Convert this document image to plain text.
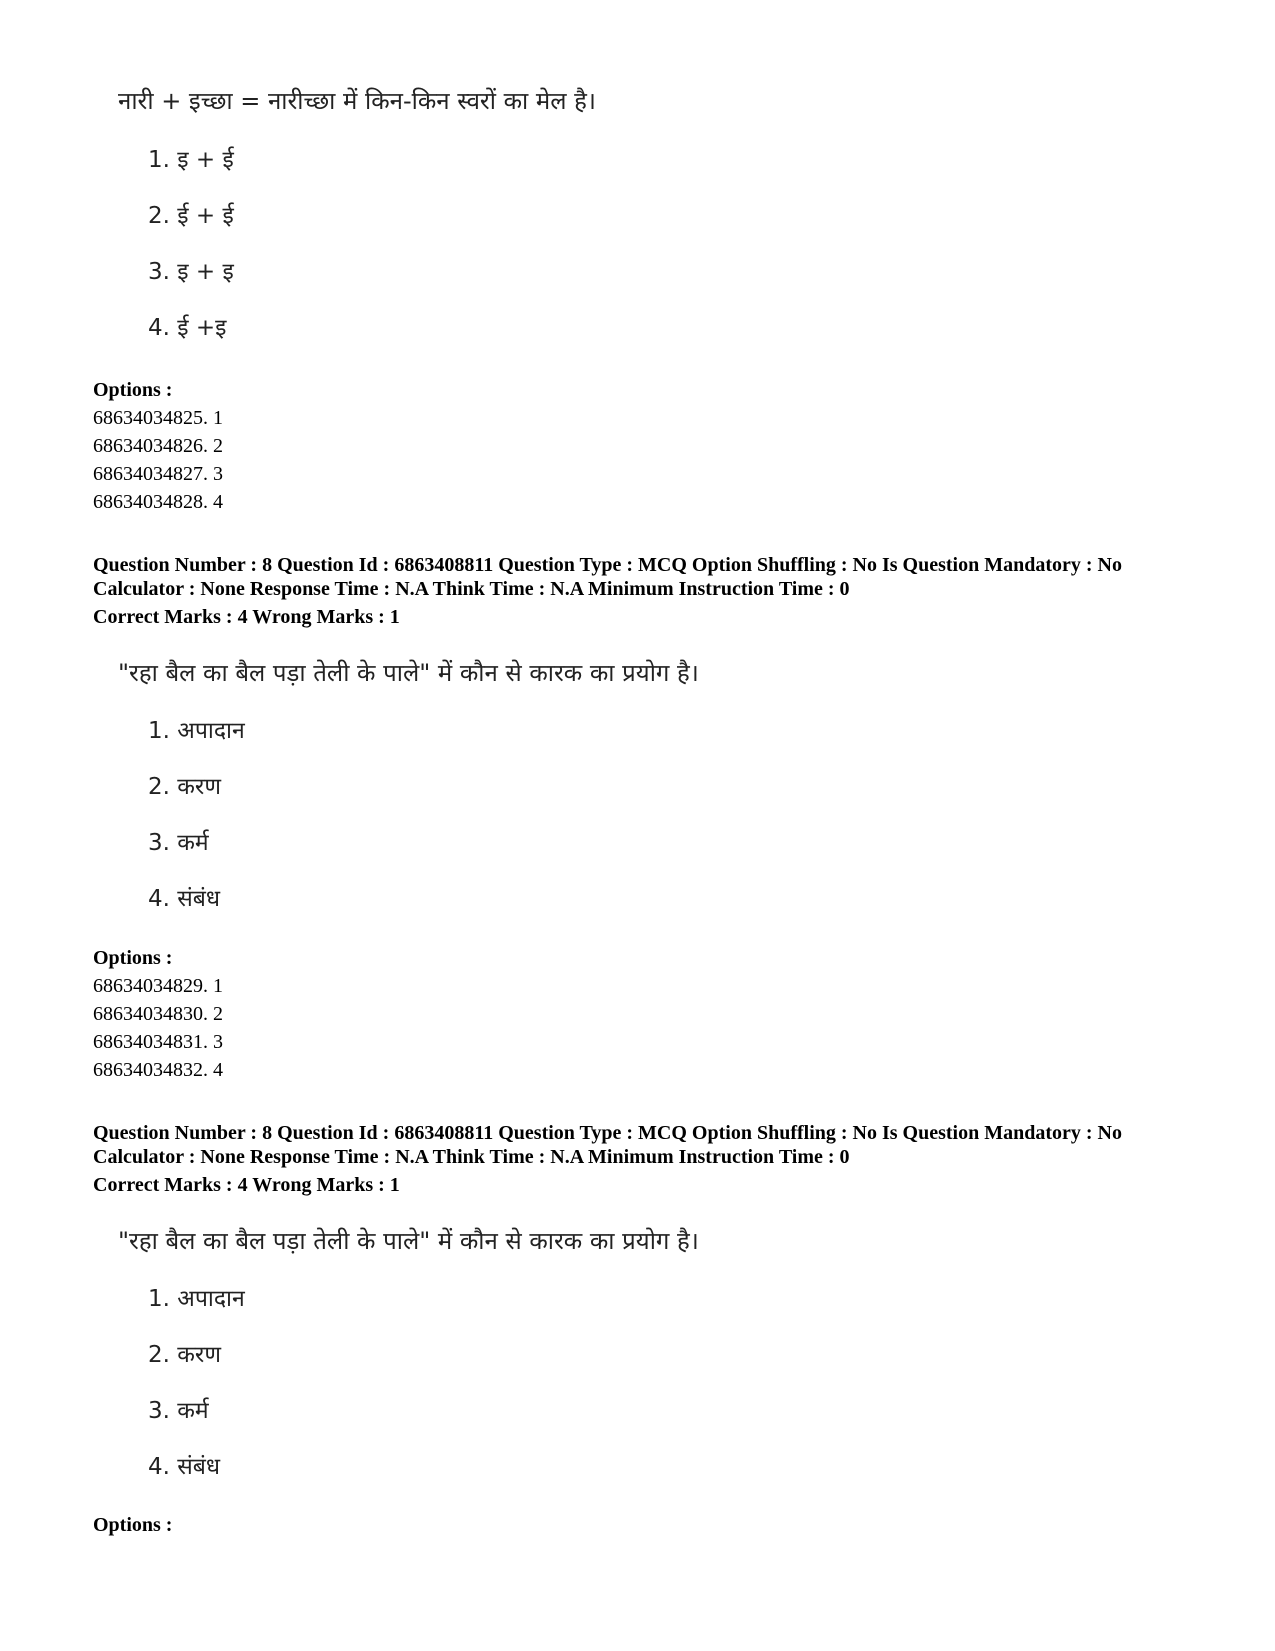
नारी + इच्छा = नारीच्छा में किन-किन स्वरों का मेल है।
1. इ + ई
2. ई + ई
3. इ + इ
4. ई +इ
Options :
68634034825. 1
68634034826. 2
68634034827. 3
68634034828. 4
Question Number : 8 Question Id : 6863408811 Question Type : MCQ Option Shuffling : No Is Question Mandatory : No
Calculator : None Response Time : N.A Think Time : N.A Minimum Instruction Time : 0
Correct Marks : 4 Wrong Marks : 1
"रहा बैल का बैल पड़ा तेली के पाले" में कौन से कारक का प्रयोग है।
1. अपादान
2. करण
3. कर्म
4. संबंध
Options :
68634034829. 1
68634034830. 2
68634034831. 3
68634034832. 4
Question Number : 8 Question Id : 6863408811 Question Type : MCQ Option Shuffling : No Is Question Mandatory : No
Calculator : None Response Time : N.A Think Time : N.A Minimum Instruction Time : 0
Correct Marks : 4 Wrong Marks : 1
"रहा बैल का बैल पड़ा तेली के पाले" में कौन से कारक का प्रयोग है।
1. अपादान
2. करण
3. कर्म
4. संबंध
Options :
